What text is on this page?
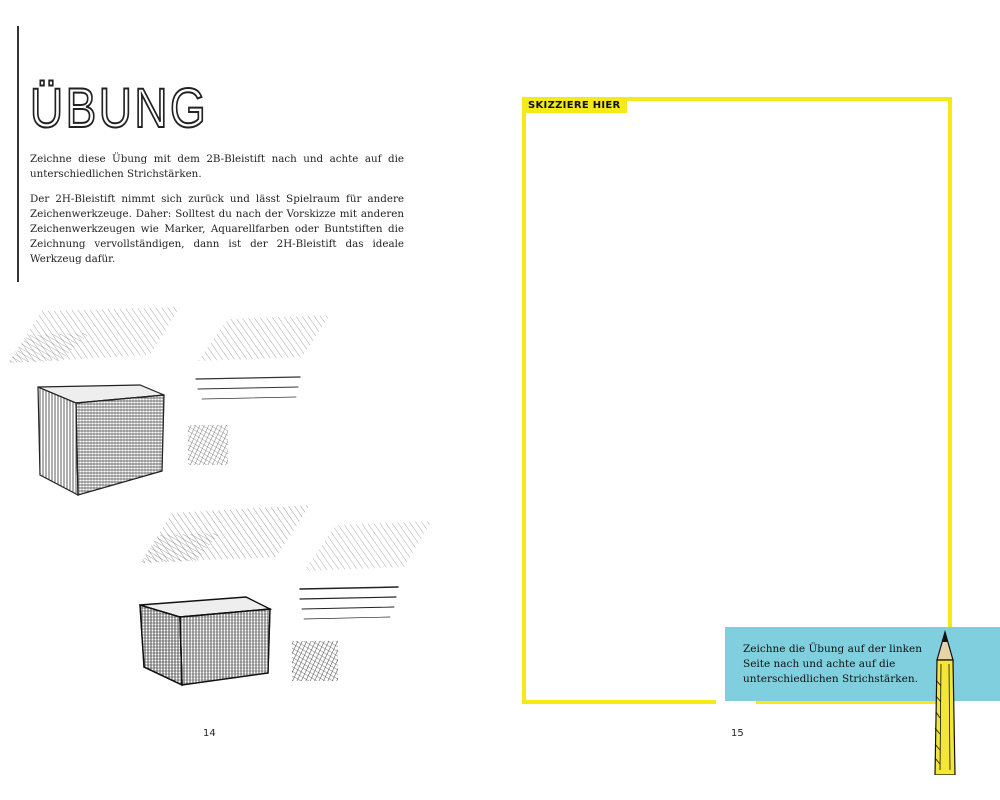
ÜBUNG

Zeichne diese Übung mit dem 2B-Bleistift nach und achte auf die unterschiedlichen Strichstärken.

Der 2H-Bleistift nimmt sich zurück und lässt Spielraum für andere Zeichenwerkzeuge. Daher: Solltest du nach der Vorskizze mit anderen Zeichenwerkzeugen wie Marker, Aquarellfarben oder Buntstiften die Zeichnung vervollständigen, dann ist der 2H-Bleistift das ideale Werkzeug dafür.

14
SKIZZIERE HIER
Zeichne die Übung auf der linken Seite nach und achte auf die unterschiedlichen Strichstärken.
15
